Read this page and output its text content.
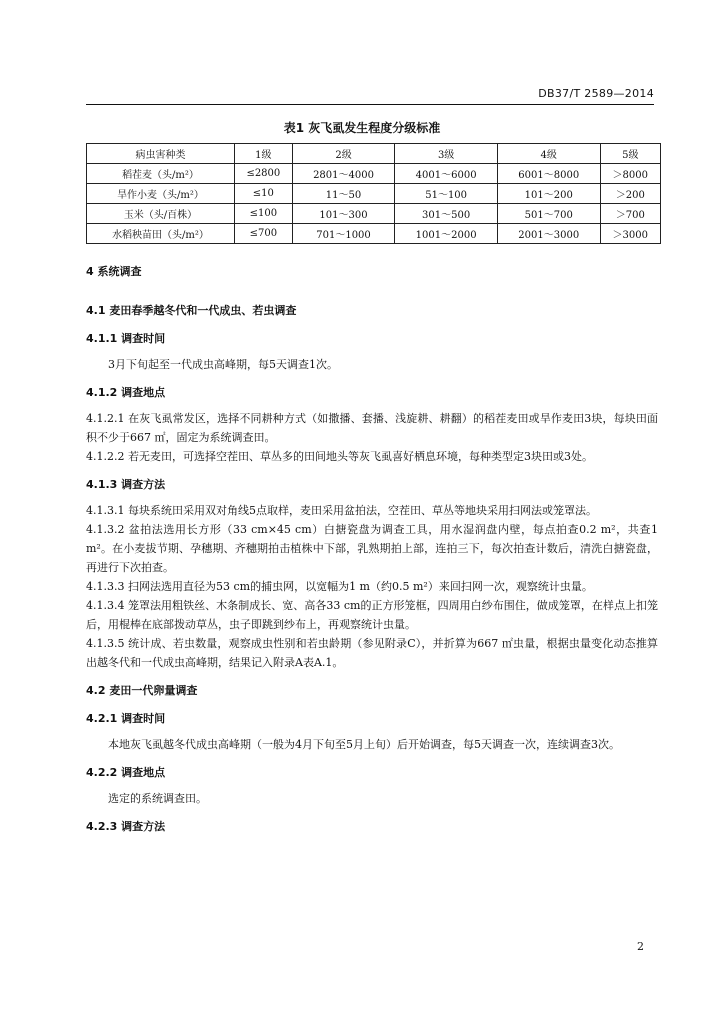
DB37/T 2589—2014
表1 灰飞虱发生程度分级标准
病虫害种类	1级	2级	3级	4级	5级
稻茬麦（头/m²）	≤2800	2801～4000	4001～6000	6001～8000	＞8000
旱作小麦（头/m²）	≤10	11～50	51～100	101～200	＞200
玉米（头/百株）	≤100	101～300	301～500	501～700	＞700
水稻秧苗田（头/m²）	≤700	701～1000	1001～2000	2001～3000	＞3000
4 系统调查
4.1 麦田春季越冬代和一代成虫、若虫调查
4.1.1 调查时间
3月下旬起至一代成虫高峰期，每5天调查1次。
4.1.2 调查地点
4.1.2.1 在灰飞虱常发区，选择不同耕种方式（如撒播、套播、浅旋耕、耕翻）的稻茬麦田或旱作麦田3块，每块田面积不少于667 ㎡，固定为系统调查田。
4.1.2.2 若无麦田，可选择空茬田、草丛多的田间地头等灰飞虱喜好栖息环境，每种类型定3块田或3处。
4.1.3 调查方法
4.1.3.1 每块系统田采用双对角线5点取样，麦田采用盆拍法，空茬田、草丛等地块采用扫网法或笼罩法。
4.1.3.2 盆拍法选用长方形（33 cm×45 cm）白搪瓷盘为调查工具，用水湿润盘内壁，每点拍查0.2 m²，共查1 m²。在小麦拔节期、孕穗期、齐穗期拍击植株中下部，乳熟期拍上部，连拍三下，每次拍查计数后，清洗白搪瓷盘，再进行下次拍查。
4.1.3.3 扫网法选用直径为53 cm的捕虫网，以宽幅为1 m（约0.5 m²）来回扫网一次，观察统计虫量。
4.1.3.4 笼罩法用粗铁丝、木条制成长、宽、高各33 cm的正方形笼框，四周用白纱布围住，做成笼罩，在样点上扣笼后，用棍棒在底部拨动草丛，虫子即跳到纱布上，再观察统计虫量。
4.1.3.5 统计成、若虫数量，观察成虫性别和若虫龄期（参见附录C），并折算为667 ㎡虫量，根据虫量变化动态推算出越冬代和一代成虫高峰期，结果记入附录A表A.1。
4.2 麦田一代卵量调查
4.2.1 调查时间
本地灰飞虱越冬代成虫高峰期（一般为4月下旬至5月上旬）后开始调查，每5天调查一次，连续调查3次。
4.2.2 调查地点
选定的系统调查田。
4.2.3 调查方法
2
